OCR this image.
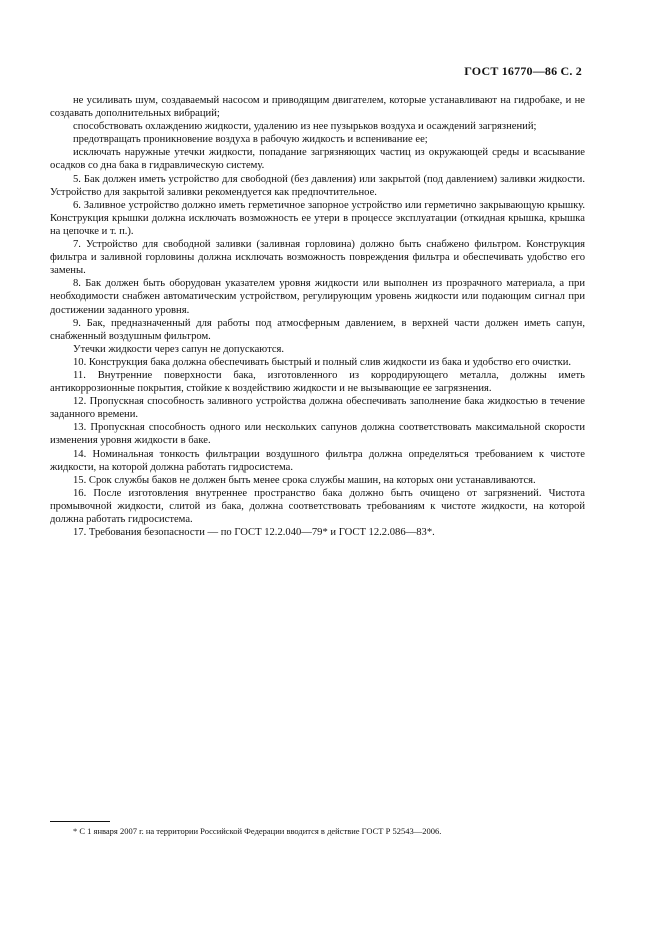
ГОСТ 16770—86 С. 2

не усиливать шум, создаваемый насосом и приводящим двигателем, которые устанавливают на гидробаке, и не создавать дополнительных вибраций;

способствовать охлаждению жидкости, удалению из нее пузырьков воздуха и осаждений загрязнений;

предотвращать проникновение воздуха в рабочую жидкость и вспенивание ее;

исключать наружные утечки жидкости, попадание загрязняющих частиц из окружающей среды и всасывание осадков со дна бака в гидравлическую систему.

5. Бак должен иметь устройство для свободной (без давления) или закрытой (под давлением) заливки жидкости. Устройство для закрытой заливки рекомендуется как предпочтительное.

6. Заливное устройство должно иметь герметичное запорное устройство или герметично закрывающую крышку. Конструкция крышки должна исключать возможность ее утери в процессе эксплуатации (откидная крышка, крышка на цепочке и т. п.).

7. Устройство для свободной заливки (заливная горловина) должно быть снабжено фильтром. Конструкция фильтра и заливной горловины должна исключать возможность повреждения фильтра и обеспечивать удобство его замены.

8. Бак должен быть оборудован указателем уровня жидкости или выполнен из прозрачного материала, а при необходимости снабжен автоматическим устройством, регулирующим уровень жидкости или подающим сигнал при достижении заданного уровня.

9. Бак, предназначенный для работы под атмосферным давлением, в верхней части должен иметь сапун, снабженный воздушным фильтром.

Утечки жидкости через сапун не допускаются.

10. Конструкция бака должна обеспечивать быстрый и полный слив жидкости из бака и удобство его очистки.

11. Внутренние поверхности бака, изготовленного из корродирующего металла, должны иметь антикоррозионные покрытия, стойкие к воздействию жидкости и не вызывающие ее загрязнения.

12. Пропускная способность заливного устройства должна обеспечивать заполнение бака жидкостью в течение заданного времени.

13. Пропускная способность одного или нескольких сапунов должна соответствовать максимальной скорости изменения уровня жидкости в баке.

14. Номинальная тонкость фильтрации воздушного фильтра должна определяться требованием к чистоте жидкости, на которой должна работать гидросистема.

15. Срок службы баков не должен быть менее срока службы машин, на которых они устанавливаются.

16. После изготовления внутреннее пространство бака должно быть очищено от загрязнений. Чистота промывочной жидкости, слитой из бака, должна соответствовать требованиям к чистоте жидкости, на которой должна работать гидросистема.

17. Требования безопасности — по ГОСТ 12.2.040—79* и ГОСТ 12.2.086—83*.

* С 1 января 2007 г. на территории Российской Федерации вводится в действие ГОСТ Р 52543—2006.
